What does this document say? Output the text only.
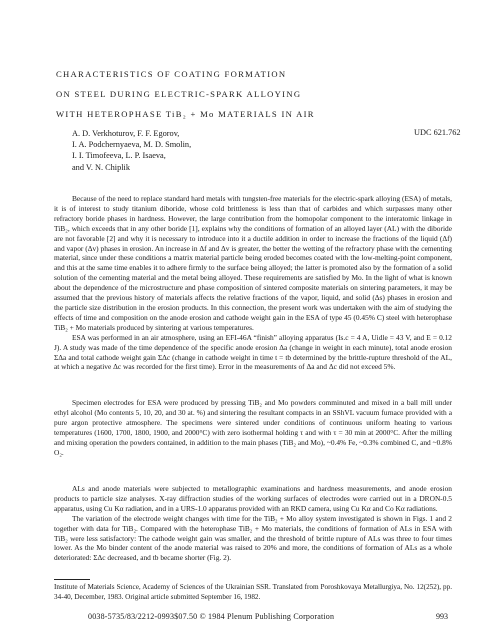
CHARACTERISTICS OF COATING FORMATION
ON STEEL DURING ELECTRIC-SPARK ALLOYING
WITH HETEROPHASE TiB₂ + Mo MATERIALS IN AIR
A. D. Verkhoturov, F. F. Egorov,
I. A. Podchernyaeva, M. D. Smolin,
I. I. Timofeeva, L. P. Isaeva,
and V. N. Chiplik
UDC 621.762

Because of the need to replace standard hard metals with tungsten-free materials for the electric-spark alloying (ESA) of metals, it is of interest to study titanium diboride, whose cold brittleness is less than that of carbides and which surpasses many other refractory boride phases in hardness. However, the large contribution from the homopolar component to the interatomic linkage in TiB₂, which exceeds that in any other boride [1], explains why the conditions of formation of an alloyed layer (AL) with the diboride are not favorable [2] and why it is necessary to introduce into it a ductile addition in order to increase the fractions of the liquid (Δf) and vapor (Δv) phases in erosion. An increase in Δf and Δv is greater, the better the wetting of the refractory phase with the cementing material, since under these conditions a matrix material particle being eroded becomes coated with the low-melting-point component, and this at the same time enables it to adhere firmly to the surface being alloyed; the latter is promoted also by the formation of a solid solution of the cementing material and the metal being alloyed. These requirements are satisfied by Mo. In the light of what is known about the dependence of the microstructure and phase composition of sintered composite materials on sintering parameters, it may be assumed that the previous history of materials affects the relative fractions of the vapor, liquid, and solid (Δs) phases in erosion and the particle size distribution in the erosion products. In this connection, the present work was undertaken with the aim of studying the effects of time and composition on the anode erosion and cathode weight gain in the ESA of type 45 (0.45% C) steel with heterophase TiB₂ + Mo materials produced by sintering at various temperatures.

ESA was performed in an air atmosphere, using an EFI-46A “finish” alloying apparatus (Is.c = 4 A, Uidle = 43 V, and E = 0.12 J). A study was made of the time dependence of the specific anode erosion Δa (change in weight in each minute), total anode erosion ΣΔa and total cathode weight gain ΣΔc (change in cathode weight in time t = tb determined by the brittle-rupture threshold of the AL, at which a negative Δc was recorded for the first time). Error in the measurements of Δa and Δc did not exceed 5%.

Specimen electrodes for ESA were produced by pressing TiB₂ and Mo powders comminuted and mixed in a ball mill under ethyl alcohol (Mo contents 5, 10, 20, and 30 at. %) and sintering the resultant compacts in an SShVL vacuum furnace provided with a pure argon protective atmosphere. The specimens were sintered under conditions of continuous uniform heating to various temperatures (1600, 1700, 1800, 1900, and 2000°C) with zero isothermal holding τ and with τ = 30 min at 2000°C. After the milling and mixing operation the powders contained, in addition to the main phases (TiB₂ and Mo), ~0.4% Fe, ~0.3% combined C, and ~0.8% O₂.

ALs and anode materials were subjected to metallographic examinations and hardness measurements, and anode erosion products to particle size analyses. X-ray diffraction studies of the working surfaces of electrodes were carried out in a DRON-0.5 apparatus, using Cu Kα radiation, and in a URS-1.0 apparatus provided with an RKD camera, using Cu Kα and Co Kα radiations.

The variation of the electrode weight changes with time for the TiB₂ + Mo alloy system investigated is shown in Figs. 1 and 2 together with data for TiB₂. Compared with the heterophase TiB₂ + Mo materials, the conditions of formation of ALs in ESA with TiB₂ were less satisfactory: The cathode weight gain was smaller, and the threshold of brittle rupture of ALs was three to four times lower. As the Mo binder content of the anode material was raised to 20% and more, the conditions of formation of ALs as a whole deteriorated: ΣΔc decreased, and tb became shorter (Fig. 2).

Institute of Materials Science, Academy of Sciences of the Ukrainian SSR. Translated from Poroshkovaya Metallurgiya, No. 12(252), pp. 34-40, December, 1983. Original article submitted September 16, 1982.
0038-5735/83/2212-0993$07.50 © 1984 Plenum Publishing Corporation	993
